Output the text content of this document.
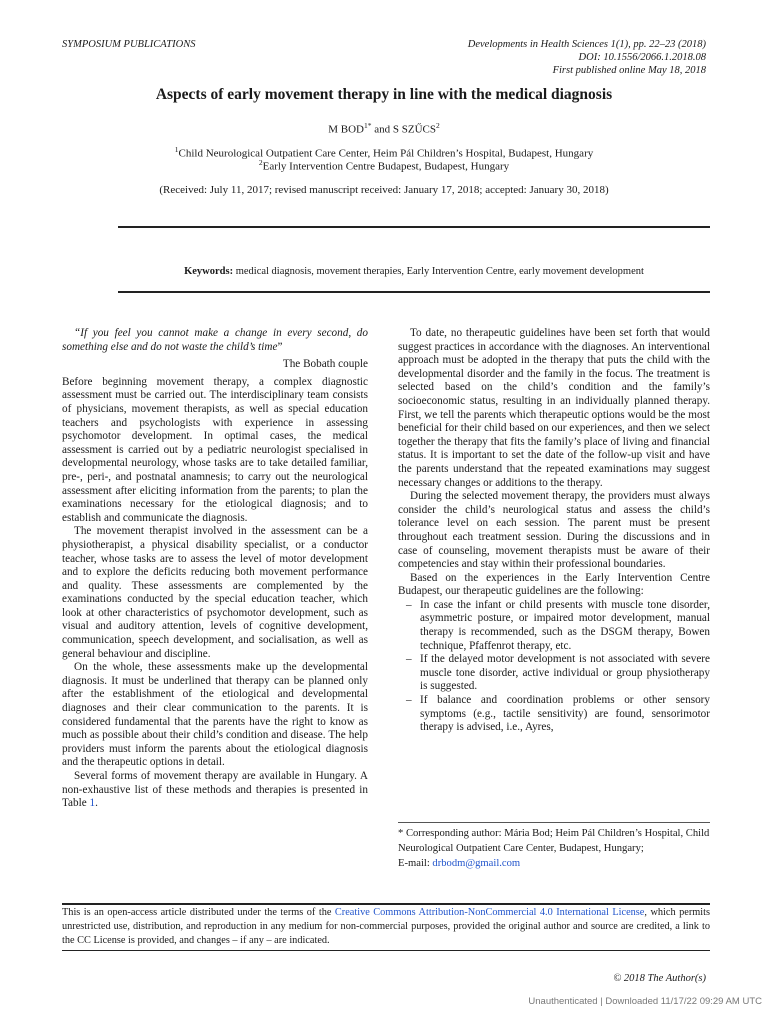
SYMPOSIUM PUBLICATIONS	Developments in Health Sciences 1(1), pp. 22–23 (2018)
DOI: 10.1556/2066.1.2018.08
First published online May 18, 2018
Aspects of early movement therapy in line with the medical diagnosis
M $BOD^{1*}$ and S SZŰCS$^2$
$^1$Child Neurological Outpatient Care Center, Heim Pál Children’s Hospital, Budapest, Hungary
$^2$Early Intervention Centre Budapest, Budapest, Hungary
(Received: July 11, 2017; revised manuscript received: January 17, 2018; accepted: January 30, 2018)
Keywords: medical diagnosis, movement therapies, Early Intervention Centre, early movement development

“If you feel you cannot make a change in every second, do something else and do not waste the child’s time”

The Bobath couple

Before beginning movement therapy, a complex diagnostic assessment must be carried out. The interdisciplinary team consists of physicians, movement therapists, as well as special education teachers and psychologists with experience in assessing psychomotor development. In optimal cases, the medical assessment is carried out by a pediatric neurologist specialised in developmental neurology, whose tasks are to take detailed familiar, pre-, peri-, and postnatal anamnesis; to carry out the neurological assessment after eliciting information from the parents; to plan the examinations necessary for the etiological diagnosis; and to establish and communicate the diagnosis.

The movement therapist involved in the assessment can be a physiotherapist, a physical disability specialist, or a conductor teacher, whose tasks are to assess the level of motor development and to explore the deficits reducing both movement performance and quality. These assessments are complemented by the examinations conducted by the special education teacher, which look at other characteristics of psychomotor development, such as visual and auditory attention, levels of cognitive development, communication, speech development, and socialisation, as well as general behaviour and discipline.

On the whole, these assessments make up the developmental diagnosis. It must be underlined that therapy can be planned only after the establishment of the etiological and developmental diagnoses and their clear communication to the parents. It is considered fundamental that the parents have the right to know as much as possible about their child’s condition and disease. The help providers must inform the parents about the etiological diagnosis and the therapeutic options in detail.

Several forms of movement therapy are available in Hungary. A non-exhaustive list of these methods and therapies is presented in Table 1.

To date, no therapeutic guidelines have been set forth that would suggest practices in accordance with the diagnoses. An interventional approach must be adopted in the therapy that puts the child with the developmental disorder and the family in the focus. The treatment is selected based on the child’s condition and the family’s socioeconomic status, resulting in an individually planned therapy. First, we tell the parents which therapeutic options would be the most beneficial for their child based on our experiences, and then we select together the therapy that fits the family’s place of living and financial status. It is important to set the date of the follow-up visit and have the parents understand that the repeated examinations may suggest necessary changes or additions to the therapy.

During the selected movement therapy, the providers must always consider the child’s neurological status and assess the child’s tolerance level on each session. The parent must be present throughout each treatment session. During the discussions and in case of counseling, movement therapists must be aware of their competencies and stay within their professional boundaries.

Based on the experiences in the Early Intervention Centre Budapest, our therapeutic guidelines are the following:

– In case the infant or child presents with muscle tone disorder, asymmetric posture, or impaired motor development, manual therapy is recommended, such as the DSGM therapy, Bowen technique, Pfaffenrot therapy, etc.
– If the delayed motor development is not associated with severe muscle tone disorder, active individual or group physiotherapy is suggested.
– If balance and coordination problems or other sensory symptoms (e.g., tactile sensitivity) are found, sensorimotor therapy is advised, i.e., Ayres,
* Corresponding author: Mária Bod; Heim Pál Children’s Hospital, Child Neurological Outpatient Care Center, Budapest, Hungary;
E-mail: drbodm@gmail.com
This is an open-access article distributed under the terms of the Creative Commons Attribution-NonCommercial 4.0 International License, which permits unrestricted use, distribution, and reproduction in any medium for non-commercial purposes, provided the original author and source are credited, a link to the CC License is provided, and changes – if any – are indicated.
© 2018 The Author(s)
Unauthenticated | Downloaded 11/17/22 09:29 AM UTC
